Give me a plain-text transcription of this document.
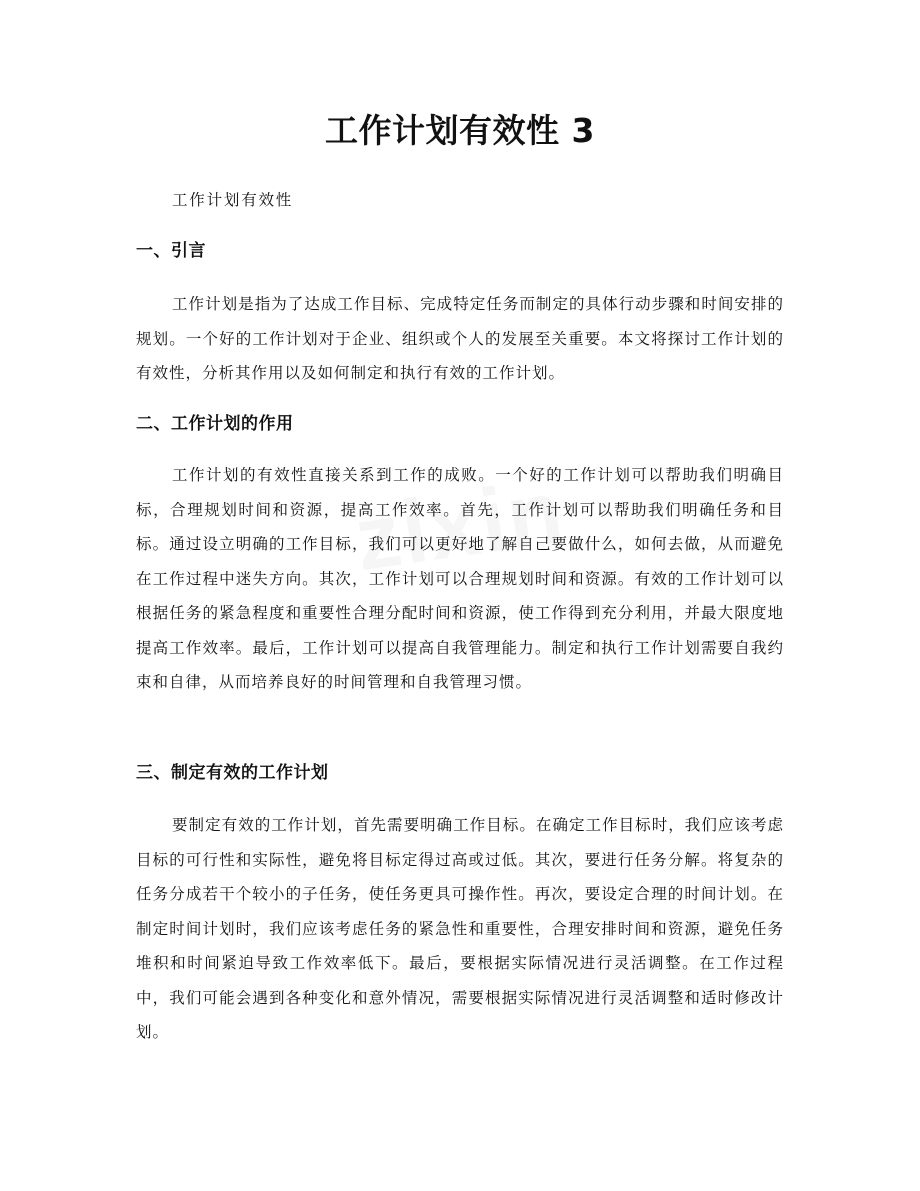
工作计划有效性 3

工作计划有效性

一、引言

工作计划是指为了达成工作目标、完成特定任务而制定的具体行动步骤和时间安排的规划。一个好的工作计划对于企业、组织或个人的发展至关重要。本文将探讨工作计划的有效性，分析其作用以及如何制定和执行有效的工作计划。

二、工作计划的作用

工作计划的有效性直接关系到工作的成败。一个好的工作计划可以帮助我们明确目标，合理规划时间和资源，提高工作效率。首先，工作计划可以帮助我们明确任务和目标。通过设立明确的工作目标，我们可以更好地了解自己要做什么，如何去做，从而避免在工作过程中迷失方向。其次，工作计划可以合理规划时间和资源。有效的工作计划可以根据任务的紧急程度和重要性合理分配时间和资源，使工作得到充分利用，并最大限度地提高工作效率。最后，工作计划可以提高自我管理能力。制定和执行工作计划需要自我约束和自律，从而培养良好的时间管理和自我管理习惯。

三、制定有效的工作计划

要制定有效的工作计划，首先需要明确工作目标。在确定工作目标时，我们应该考虑目标的可行性和实际性，避免将目标定得过高或过低。其次，要进行任务分解。将复杂的任务分成若干个较小的子任务，使任务更具可操作性。再次，要设定合理的时间计划。在制定时间计划时，我们应该考虑任务的紧急性和重要性，合理安排时间和资源，避免任务堆积和时间紧迫导致工作效率低下。最后，要根据实际情况进行灵活调整。在工作过程中，我们可能会遇到各种变化和意外情况，需要根据实际情况进行灵活调整和适时修改计划。
